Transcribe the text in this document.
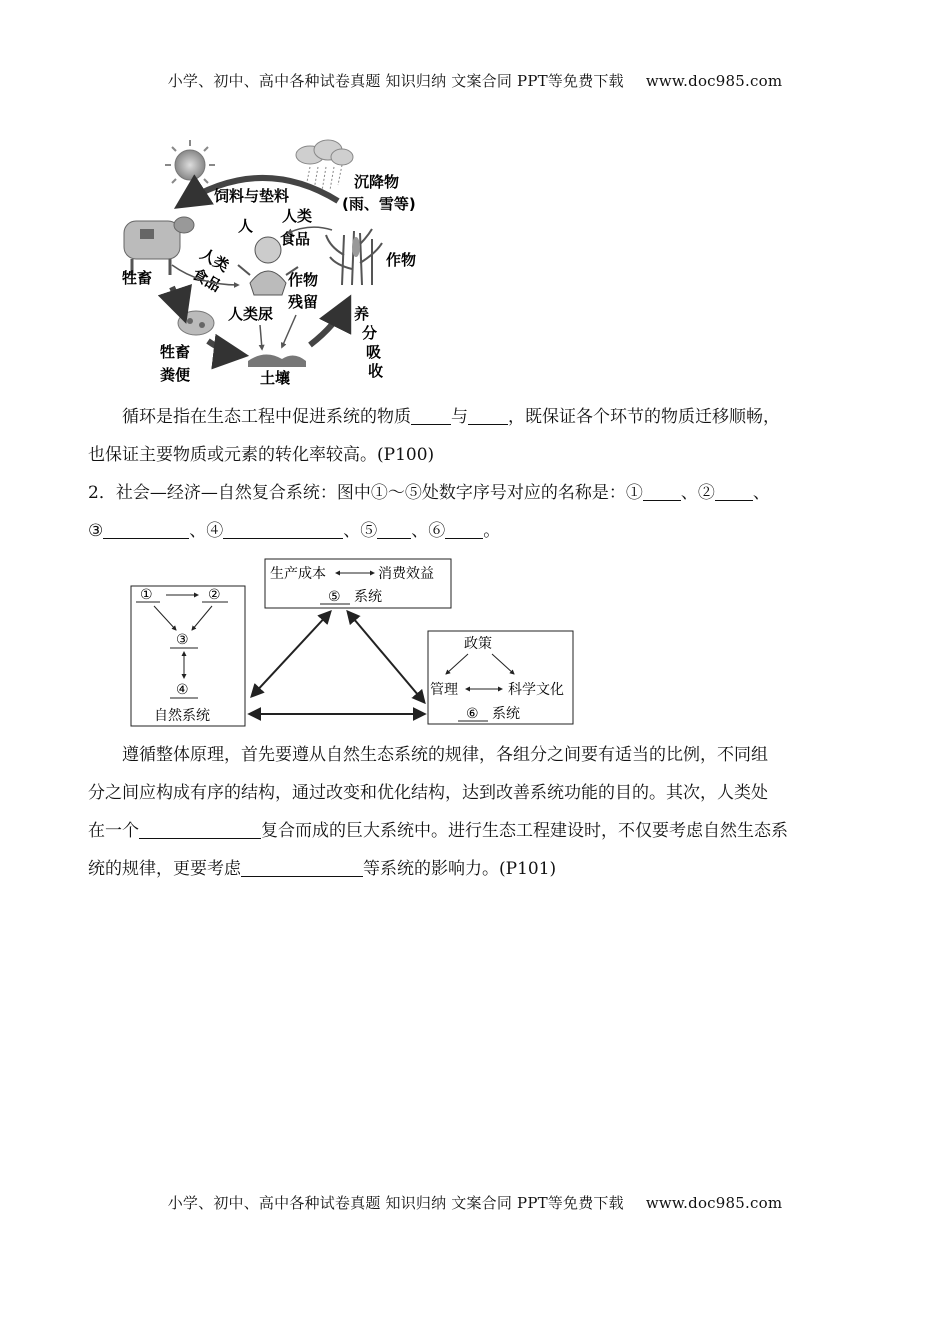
小学、初中、高中各种试卷真题 知识归纳 文案合同 PPT等免费下载 www.doc985.com
饲料与垫料
沉降物
(雨、雪等)
牲畜
人
人类
食品
作物
人类
食品	作物
残留
人类尿
牲畜
粪便	土壤
养
分
吸
收
循环是指在生态工程中促进系统的物质 与 ，既保证各个环节的物质迁移顺畅，
也保证主要物质或元素的转化率较高。(P100)
2．社会—经济—自然复合系统：图中①～⑤处数字序号对应的名称是：① 、② 、
③	、④	、⑤ 、⑥ 。
①	②
③
④
自然系统
生产成本	消费效益
⑤ 系统
政策
管理	科学文化
⑥ 系统
遵循整体原理，首先要遵从自然生态系统的规律，各组分之间要有适当的比例，不同组
分之间应构成有序的结构，通过改变和优化结构，达到改善系统功能的目的。其次，人类处
在一个	复合而成的巨大系统中。进行生态工程建设时，不仅要考虑自然生态系
统的规律，更要考虑	等系统的影响力。(P101)
小学、初中、高中各种试卷真题 知识归纳 文案合同 PPT等免费下载 www.doc985.com
